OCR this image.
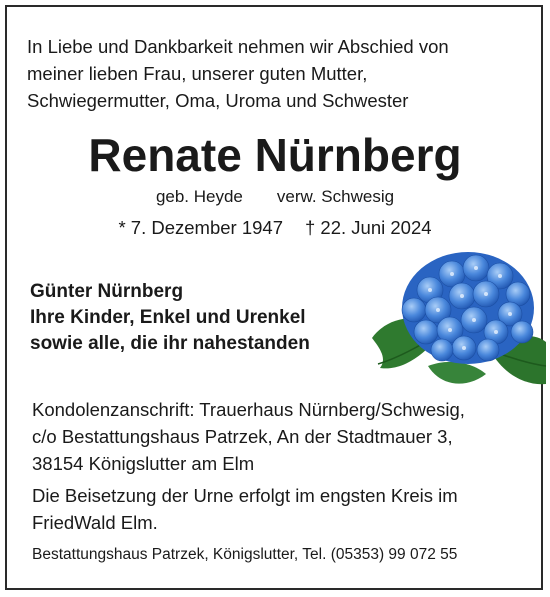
In Liebe und Dankbarkeit nehmen wir Abschied von
meiner lieben Frau, unserer guten Mutter,
Schwiegermutter, Oma, Uroma und Schwester
Renate Nürnberg
geb. Heyde verw. Schwesig
* 7. Dezember 1947 † 22. Juni 2024
Günter Nürnberg
Ihre Kinder, Enkel und Urenkel
sowie alle, die ihr nahestanden
Kondolenzanschrift: Trauerhaus Nürnberg/Schwesig,
c/o Bestattungshaus Patrzek, An der Stadtmauer 3,
38154 Königslutter am Elm
Die Beisetzung der Urne erfolgt im engsten Kreis im
FriedWald Elm.
Bestattungshaus Patrzek, Königslutter, Tel. (05353) 99 072 55
